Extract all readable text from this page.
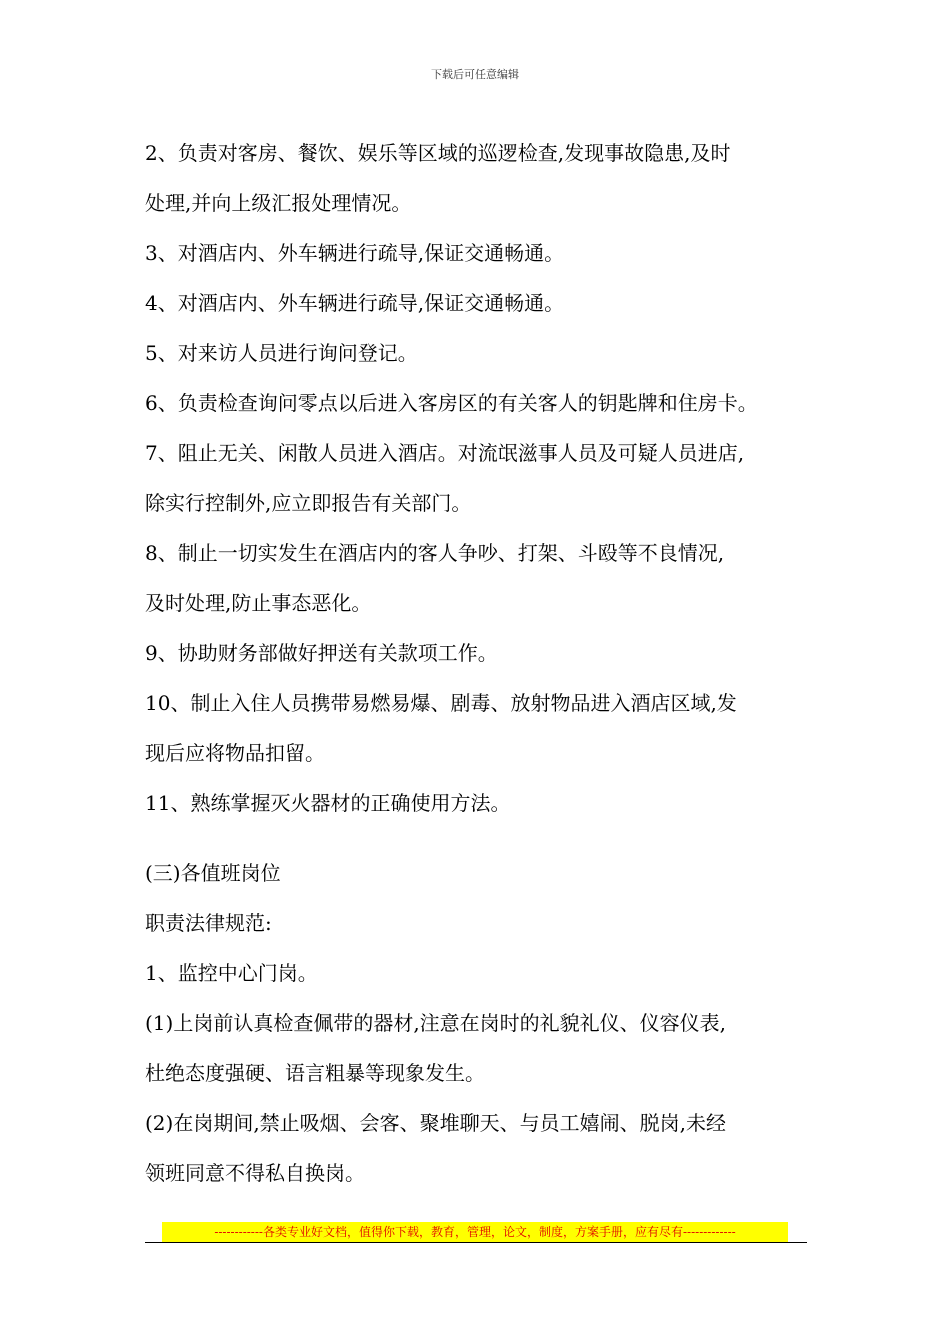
下载后可任意编辑

2、负责对客房、餐饮、娱乐等区域的巡逻检查,发现事故隐患,及时

处理,并向上级汇报处理情况。

3、对酒店内、外车辆进行疏导,保证交通畅通。

4、对酒店内、外车辆进行疏导,保证交通畅通。

5、对来访人员进行询问登记。

6、负责检查询问零点以后进入客房区的有关客人的钥匙牌和住房卡。

7、阻止无关、闲散人员进入酒店。对流氓滋事人员及可疑人员进店,

除实行控制外,应立即报告有关部门。

8、制止一切实发生在酒店内的客人争吵、打架、斗殴等不良情况,

及时处理,防止事态恶化。

9、协助财务部做好押送有关款项工作。

10、制止入住人员携带易燃易爆、剧毒、放射物品进入酒店区域,发

现后应将物品扣留。

11、熟练掌握灭火器材的正确使用方法。

(三)各值班岗位

职责法律规范:

1、监控中心门岗。

(1)上岗前认真检查佩带的器材,注意在岗时的礼貌礼仪、仪容仪表,

杜绝态度强硬、语言粗暴等现象发生。

(2)在岗期间,禁止吸烟、会客、聚堆聊天、与员工嬉闹、脱岗,未经

领班同意不得私自换岗。

------------各类专业好文档，值得你下载，教育，管理，论文，制度，方案手册，应有尽有-------------
